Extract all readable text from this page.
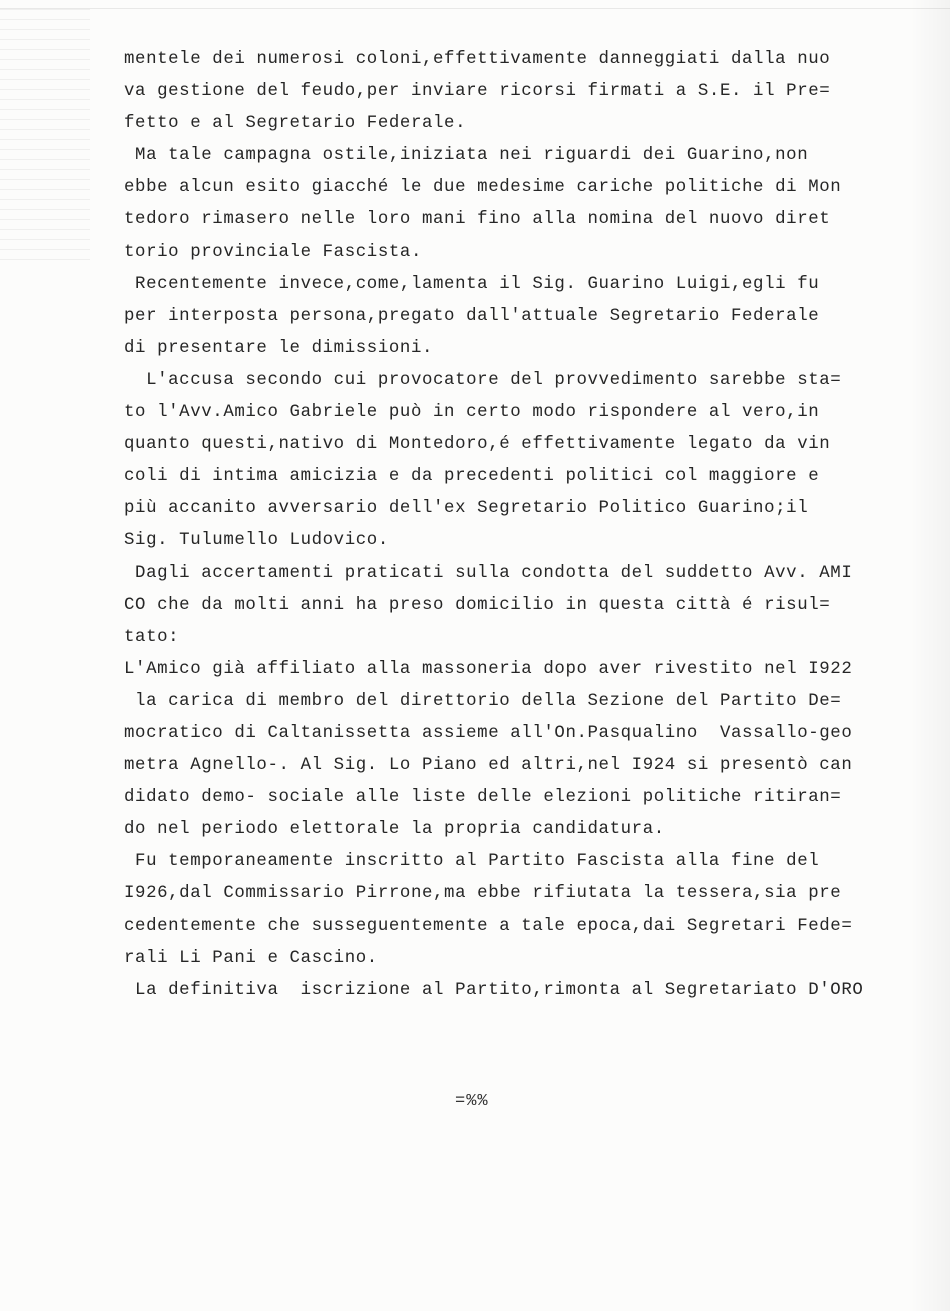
mentele dei numerosi coloni,effettivamente danneggiati dalla nuo
va gestione del feudo,per inviare ricorsi firmati a S.E. il Pre=
fetto e al Segretario Federale.
Ma tale campagna ostile,iniziata nei riguardi dei Guarino,non
ebbe alcun esito giacché le due medesime cariche politiche di Mon
tedoro rimasero nelle loro mani fino alla nomina del nuovo diret
torio provinciale Fascista.
Recentemente invece,come,lamenta il Sig. Guarino Luigi,egli fu
per interposta persona,pregato dall'attuale Segretario Federale
di presentare le dimissioni.
L'accusa secondo cui provocatore del provvedimento sarebbe sta=
to l'Avv.Amico Gabriele può in certo modo rispondere al vero,in
quanto questi,nativo di Montedoro,é effettivamente legato da vin
coli di intima amicizia e da precedenti politici col maggiore e
più accanito avversario dell'ex Segretario Politico Guarino;il
Sig. Tulumello Ludovico.
Dagli accertamenti praticati sulla condotta del suddetto Avv. AMI
CO che da molti anni ha preso domicilio in questa città é risul=
tato:
L'Amico già affiliato alla massoneria dopo aver rivestito nel I922
la carica di membro del direttorio della Sezione del Partito De=
mocratico di Caltanissetta assieme all'On.Pasqualino  Vassallo-geo
metra Agnello-. Al Sig. Lo Piano ed altri,nel I924 si presentò can
didato demo- sociale alle liste delle elezioni politiche ritiran=
do nel periodo elettorale la propria candidatura.
Fu temporaneamente inscritto al Partito Fascista alla fine del
I926,dal Commissario Pirrone,ma ebbe rifiutata la tessera,sia pre
cedentemente che susseguentemente a tale epoca,dai Segretari Fede=
rali Li Pani e Cascino.
La definitiva  iscrizione al Partito,rimonta al Segretariato D'ORO
=%%
